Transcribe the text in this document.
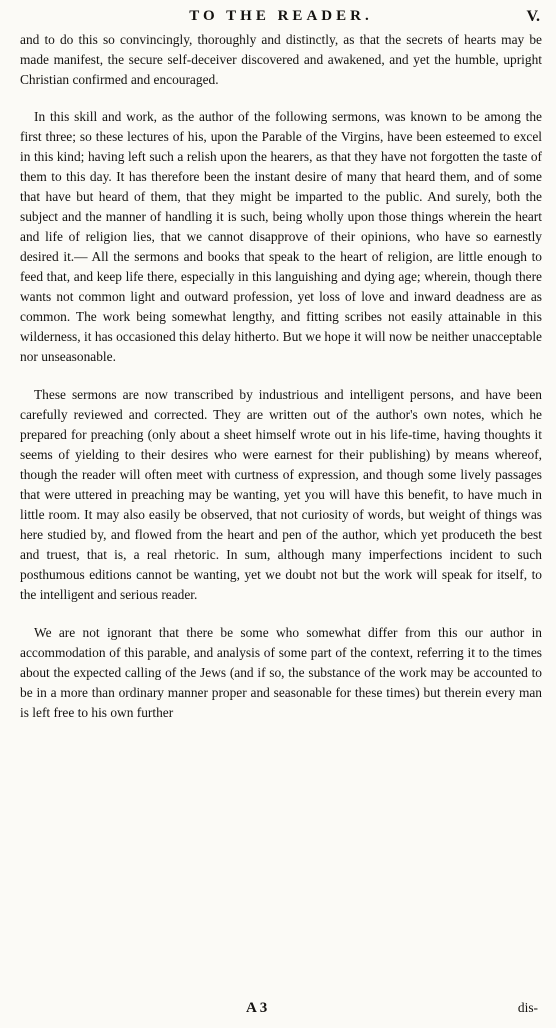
TO THE READER.	V.

and to do this so convincingly, thoroughly and distinctly, as that the secrets of hearts may be made manifest, the secure self-deceiver discovered and awakened, and yet the humble, upright Christian confirmed and encouraged.

In this skill and work, as the author of the following sermons, was known to be among the first three; so these lectures of his, upon the Parable of the Virgins, have been esteemed to excel in this kind; having left such a relish upon the hearers, as that they have not forgotten the taste of them to this day. It has therefore been the instant desire of many that heard them, and of some that have but heard of them, that they might be imparted to the public. And surely, both the subject and the manner of handling it is such, being wholly upon those things wherein the heart and life of religion lies, that we cannot disapprove of their opinions, who have so earnestly desired it.— All the sermons and books that speak to the heart of religion, are little enough to feed that, and keep life there, especially in this languishing and dying age; wherein, though there wants not common light and outward profession, yet loss of love and inward deadness are as common. The work being somewhat lengthy, and fitting scribes not easily attainable in this wilderness, it has occasioned this delay hitherto. But we hope it will now be neither unacceptable nor unseasonable.

These sermons are now transcribed by industrious and intelligent persons, and have been carefully reviewed and corrected. They are written out of the author's own notes, which he prepared for preaching (only about a sheet himself wrote out in his life-time, having thoughts it seems of yielding to their desires who were earnest for their publishing) by means whereof, though the reader will often meet with curtness of expression, and though some lively passages that were uttered in preaching may be wanting, yet you will have this benefit, to have much in little room. It may also easily be observed, that not curiosity of words, but weight of things was here studied by, and flowed from the heart and pen of the author, which yet produceth the best and truest, that is, a real rhetoric. In sum, although many imperfections incident to such posthumous editions cannot be wanting, yet we doubt not but the work will speak for itself, to the intelligent and serious reader.

We are not ignorant that there be some who somewhat differ from this our author in accommodation of this parable, and analysis of some part of the context, referring it to the times about the expected calling of the Jews (and if so, the substance of the work may be accounted to be in a more than ordinary manner proper and seasonable for these times) but therein every man is left free to his own further

A 3	dis-
